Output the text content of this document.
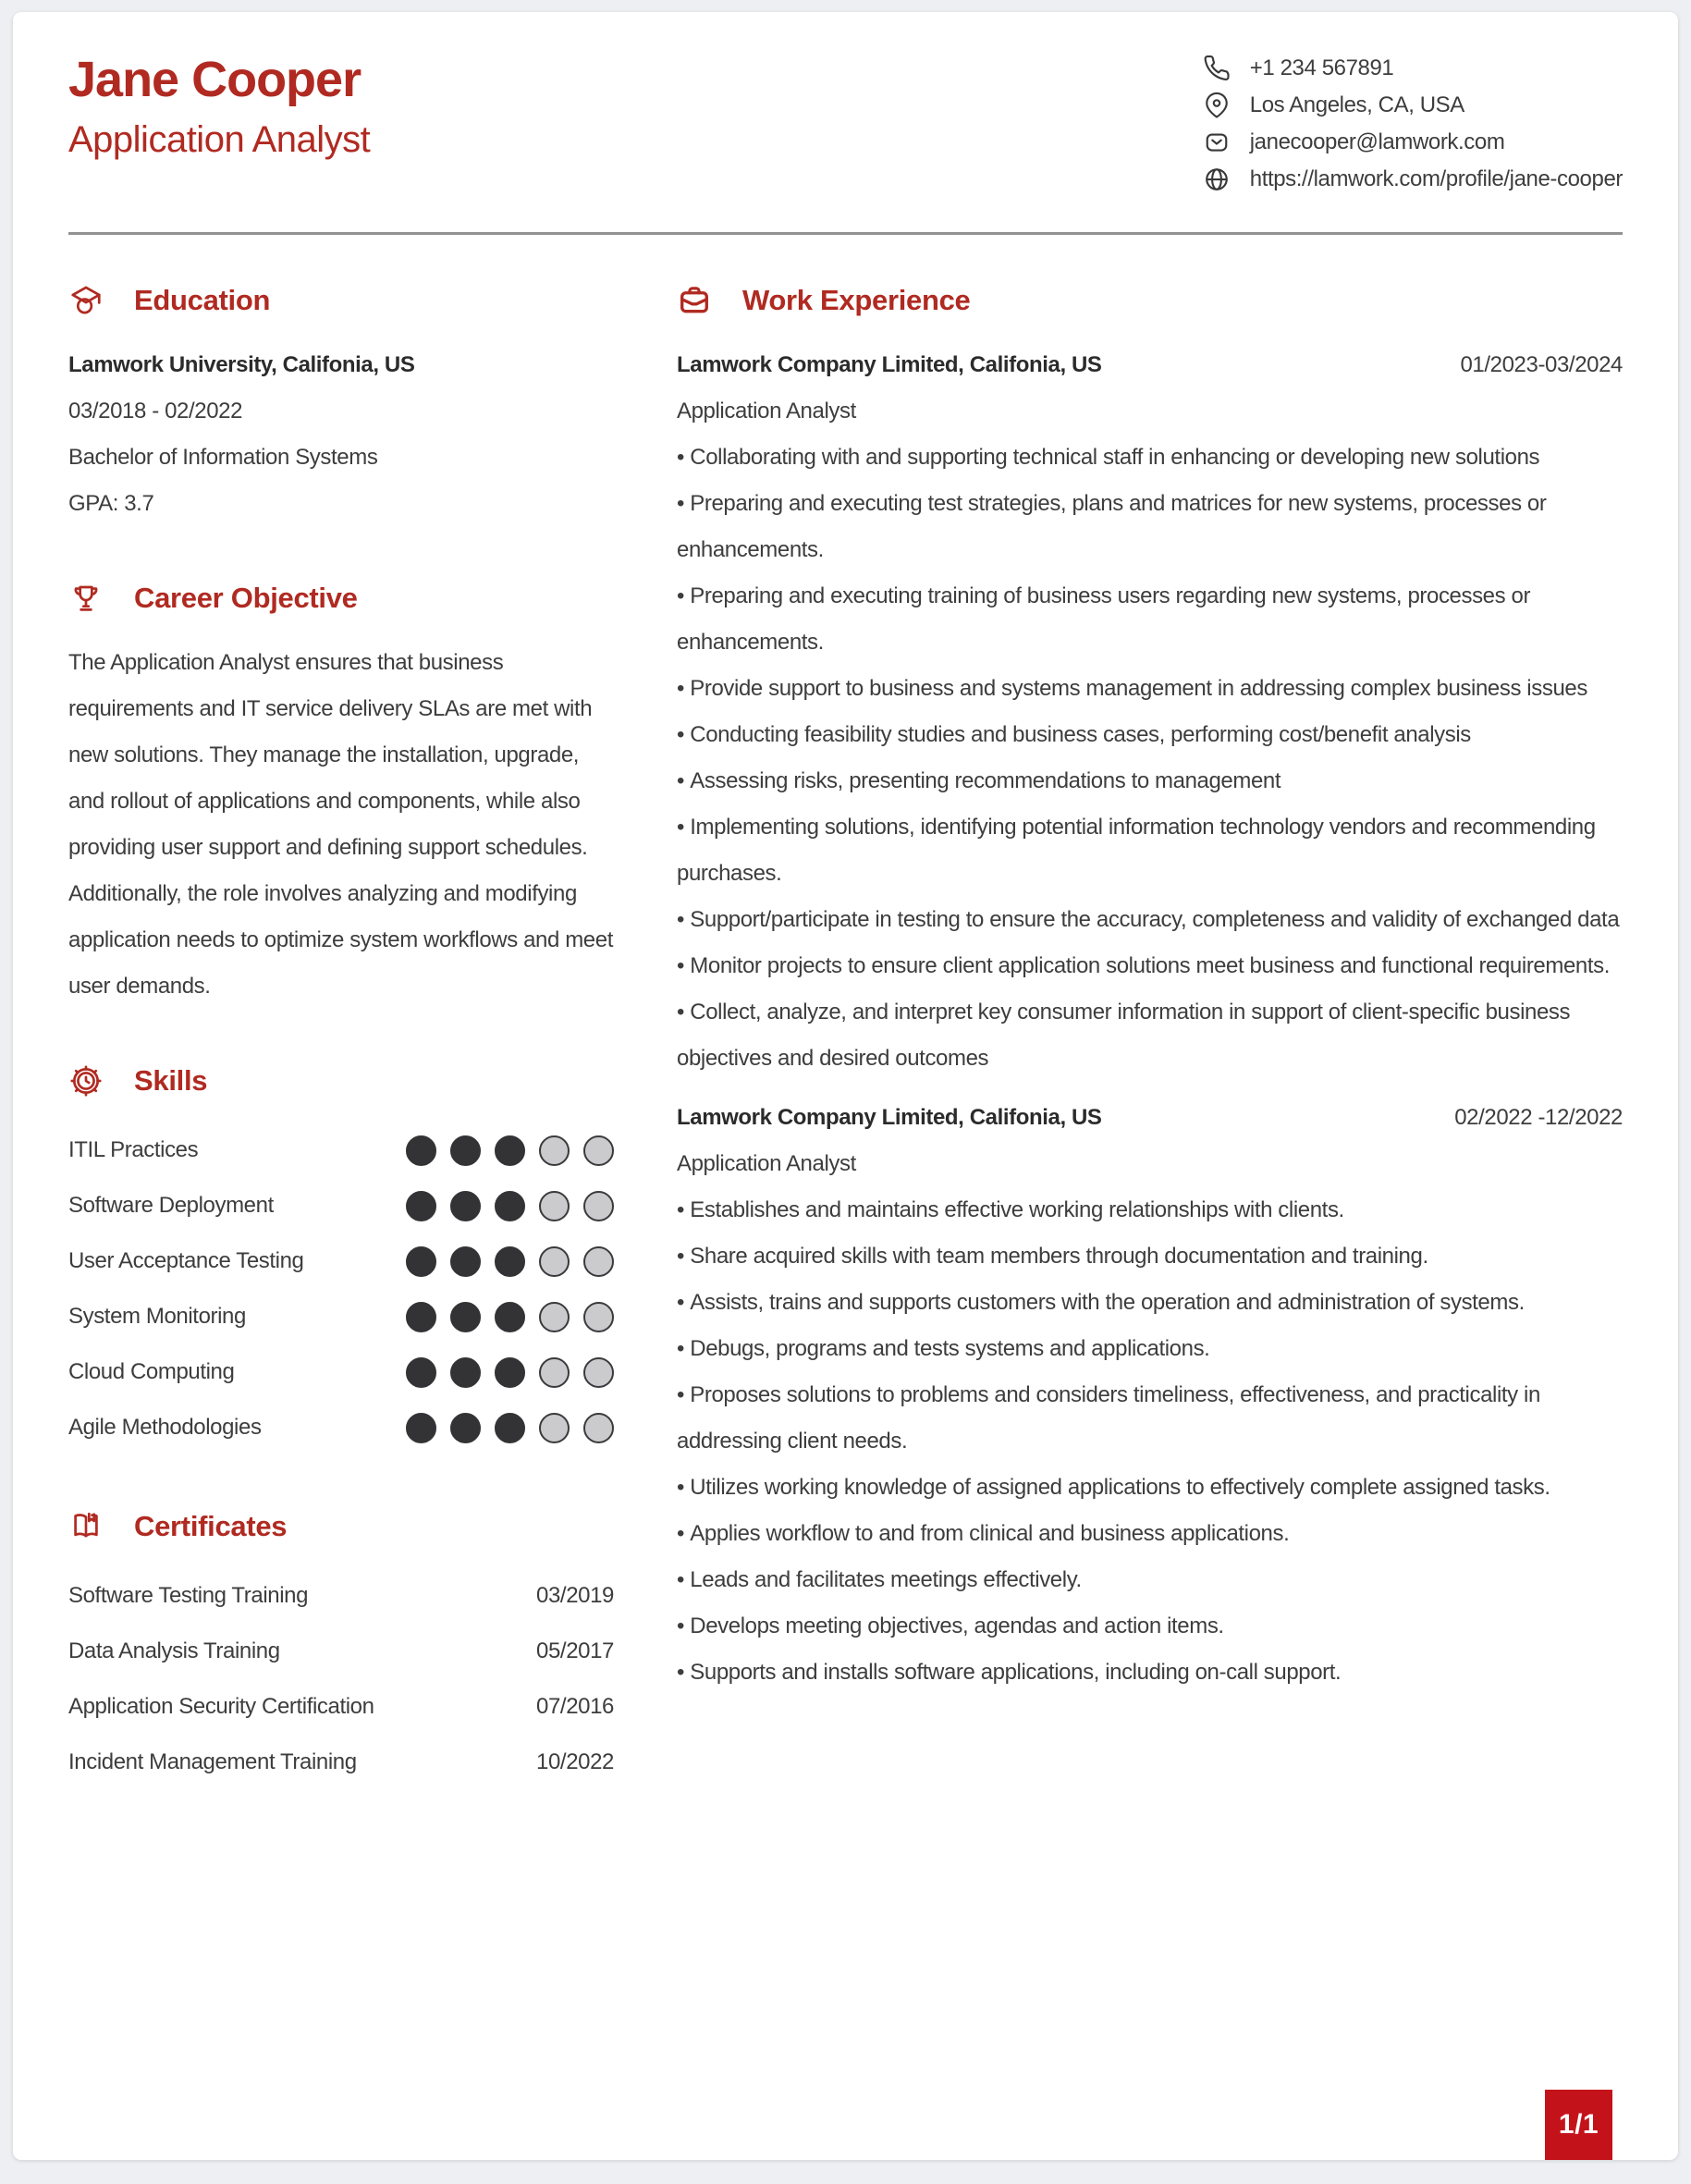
Jane Cooper
Application Analyst
+1 234 567891
Los Angeles, CA, USA
janecooper@lamwork.com
https://lamwork.com/profile/jane-cooper
Education
Lamwork University, Califonia, US
03/2018 - 02/2022
Bachelor of Information Systems
GPA: 3.7
Career Objective
The Application Analyst ensures that business requirements and IT service delivery SLAs are met with new solutions. They manage the installation, upgrade, and rollout of applications and components, while also providing user support and defining support schedules. Additionally, the role involves analyzing and modifying application needs to optimize system workflows and meet user demands.
Skills
ITIL Practices
Software Deployment
User Acceptance Testing
System Monitoring
Cloud Computing
Agile Methodologies
Certificates
Software Testing Training	03/2019
Data Analysis Training	05/2017
Application Security Certification	07/2016
Incident Management Training	10/2022
Work Experience
Lamwork Company Limited, Califonia, US	01/2023-03/2024
Application Analyst
• Collaborating with and supporting technical staff in enhancing or developing new solutions
• Preparing and executing test strategies, plans and matrices for new systems, processes or enhancements.
• Preparing and executing training of business users regarding new systems, processes or enhancements.
• Provide support to business and systems management in addressing complex business issues
• Conducting feasibility studies and business cases, performing cost/benefit analysis
• Assessing risks, presenting recommendations to management
• Implementing solutions, identifying potential information technology vendors and recommending purchases.
• Support/participate in testing to ensure the accuracy, completeness and validity of exchanged data
• Monitor projects to ensure client application solutions meet business and functional requirements.
• Collect, analyze, and interpret key consumer information in support of client-specific business objectives and desired outcomes
Lamwork Company Limited, Califonia, US	02/2022 -12/2022
Application Analyst
• Establishes and maintains effective working relationships with clients.
• Share acquired skills with team members through documentation and training.
• Assists, trains and supports customers with the operation and administration of systems.
• Debugs, programs and tests systems and applications.
• Proposes solutions to problems and considers timeliness, effectiveness, and practicality in addressing client needs.
• Utilizes working knowledge of assigned applications to effectively complete assigned tasks.
• Applies workflow to and from clinical and business applications.
• Leads and facilitates meetings effectively.
• Develops meeting objectives, agendas and action items.
• Supports and installs software applications, including on-call support.
1/1
